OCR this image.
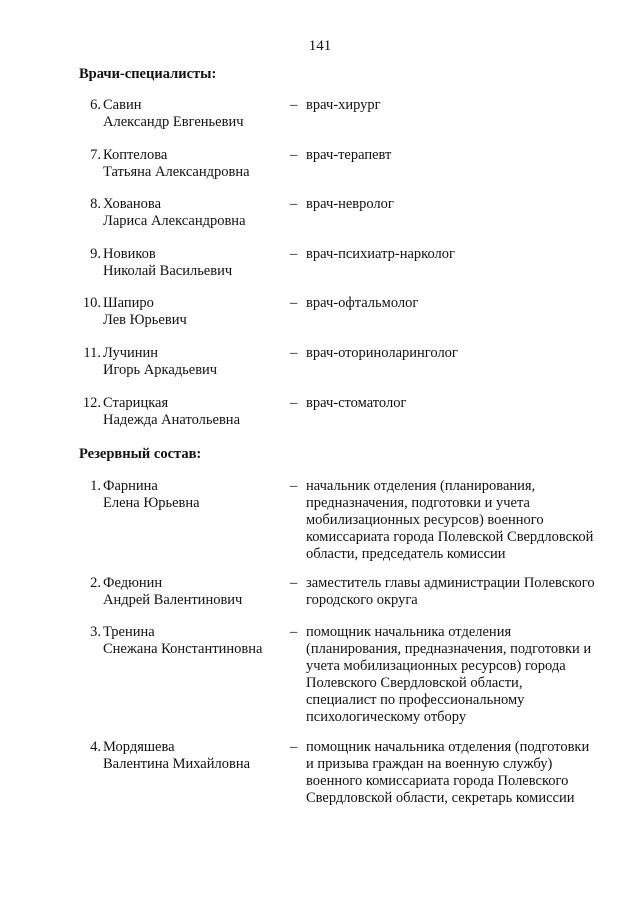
141
Врачи-специалисты:
6. Савин
Александр Евгеньевич
– врач-хирург
7. Коптелова
Татьяна Александровна
– врач-терапевт
8. Хованова
Лариса Александровна
– врач-невролог
9. Новиков
Николай Васильевич
– врач-психиатр-нарколог
10. Шапиро
Лев Юрьевич
– врач-офтальмолог
11. Лучинин
Игорь Аркадьевич
– врач-оториноларинголог
12. Старицкая
Надежда Анатольевна
– врач-стоматолог
Резервный состав:
1. Фарнина
Елена Юрьевна
– начальник отделения (планирования,
предназначения, подготовки и учета
мобилизационных ресурсов) военного
комиссариата города Полевской Свердловской
области, председатель комиссии
2. Федюнин
Андрей Валентинович
– заместитель главы администрации Полевского
городского округа
3. Тренина
Снежана Константиновна
– помощник начальника отделения
(планирования, предназначения, подготовки и
учета мобилизационных ресурсов) города
Полевского Свердловской области,
специалист по профессиональному
психологическому отбору
4. Мордяшева
Валентина Михайловна
– помощник начальника отделения (подготовки
и призыва граждан на военную службу)
военного комиссариата города Полевского
Свердловской области, секретарь комиссии
